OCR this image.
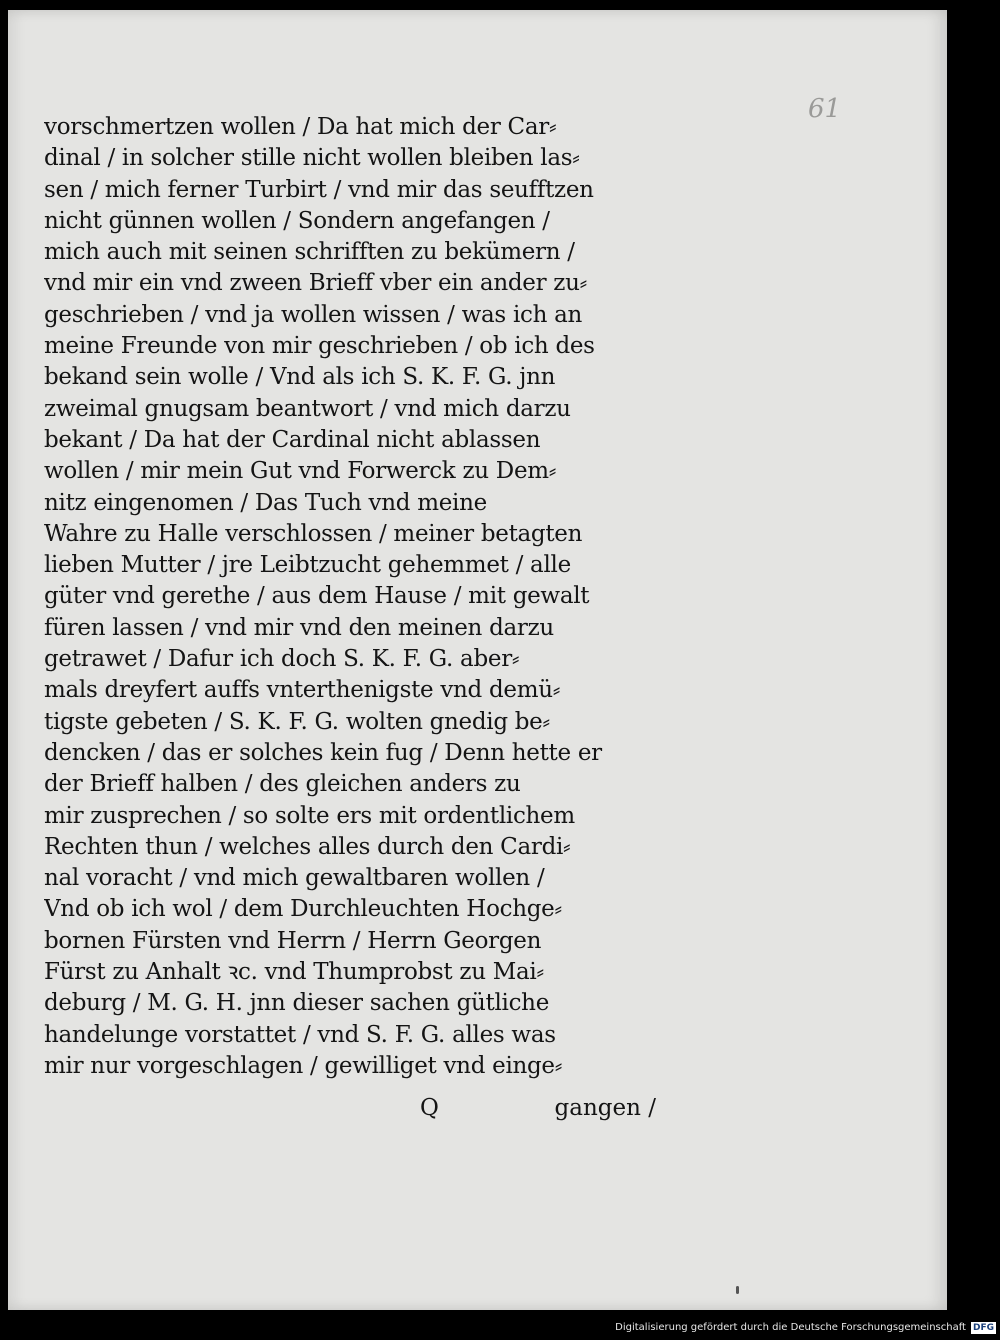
61
vorschmertzen wollen / Da hat mich der Car⸗
dinal / in solcher stille nicht wollen bleiben las⸗
sen / mich ferner Turbirt / vnd mir das seufftzen
nicht günnen wollen / Sondern angefangen /
mich auch mit seinen schrifften zu bekümern /
vnd mir ein vnd zween Brieff vber ein ander zu⸗
geschrieben / vnd ja wollen wissen / was ich an
meine Freunde von mir geschrieben / ob ich des
bekand sein wolle / Vnd als ich S. K. F. G. jnn
zweimal gnugsam beantwort / vnd mich darzu
bekant / Da hat der Cardinal nicht ablassen
wollen / mir mein Gut vnd Forwerck zu Dem⸗
nitz eingenomen / Das Tuch vnd meine
Wahre zu Halle verschlossen / meiner betagten
lieben Mutter / jre Leibtzucht gehemmet / alle
güter vnd gerethe / aus dem Hause / mit gewalt
füren lassen / vnd mir vnd den meinen darzu
getrawet / Dafur ich doch S. K. F. G. aber⸗
mals dreyfert auffs vnterthenigste vnd demü⸗
tigste gebeten / S. K. F. G. wolten gnedig be⸗
dencken / das er solches kein fug / Denn hette er
der Brieff halben / des gleichen anders zu
mir zusprechen / so solte ers mit ordentlichem
Rechten thun / welches alles durch den Cardi⸗
nal voracht / vnd mich gewaltbaren wollen /
Vnd ob ich wol / dem Durchleuchten Hochge⸗
bornen Fürsten vnd Herrn / Herrn Georgen
Fürst zu Anhalt ꝛc. vnd Thumprobst zu Mai⸗
deburg / M. G. H. jnn dieser sachen gütliche
handelunge vorstattet / vnd S. F. G. alles was
mir nur vorgeschlagen / gewilliget vnd einge⸗
Q	gangen /
Digitalisierung gefördert durch die Deutsche Forschungsgemeinschaft DFG
